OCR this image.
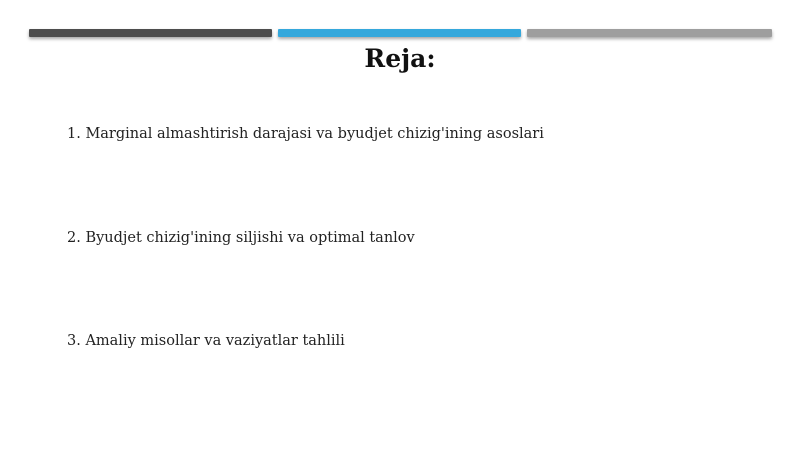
Reja:
1. Marginal almashtirish darajasi va byudjet chizig'ining asoslari
2. Byudjet chizig'ining siljishi va optimal tanlov
3. Amaliy misollar va vaziyatlar tahlili
